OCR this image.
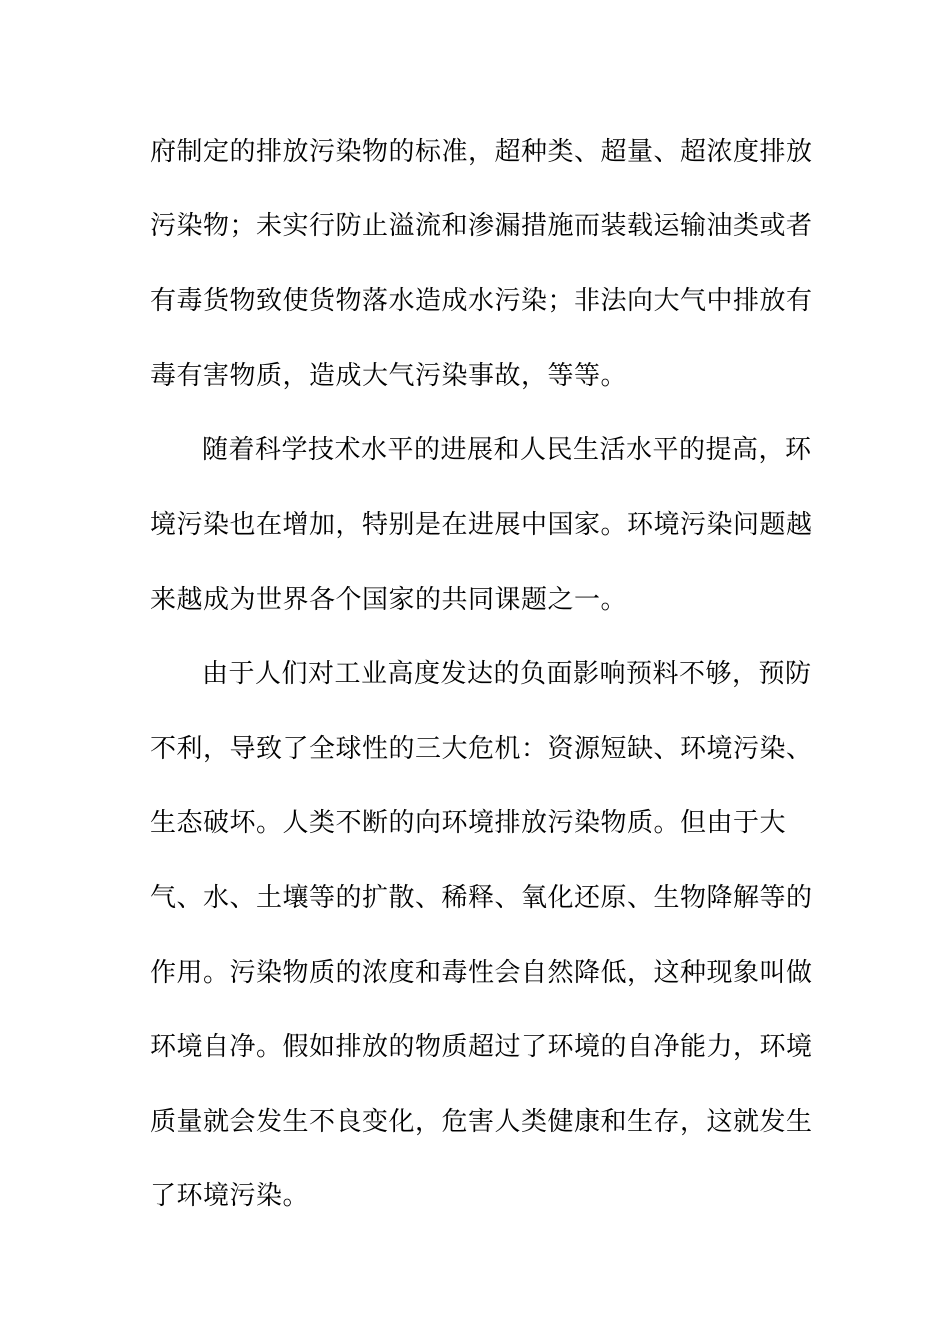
府制定的排放污染物的标准，超种类、超量、超浓度排放
污染物；未实行防止溢流和渗漏措施而装载运输油类或者
有毒货物致使货物落水造成水污染；非法向大气中排放有
毒有害物质，造成大气污染事故，等等。
随着科学技术水平的进展和人民生活水平的提高，环
境污染也在增加，特别是在进展中国家。环境污染问题越
来越成为世界各个国家的共同课题之一。
由于人们对工业高度发达的负面影响预料不够，预防
不利，导致了全球性的三大危机：资源短缺、环境污染、
生态破坏。人类不断的向环境排放污染物质。但由于大
气、水、土壤等的扩散、稀释、氧化还原、生物降解等的
作用。污染物质的浓度和毒性会自然降低，这种现象叫做
环境自净。假如排放的物质超过了环境的自净能力，环境
质量就会发生不良变化，危害人类健康和生存，这就发生
了环境污染。
